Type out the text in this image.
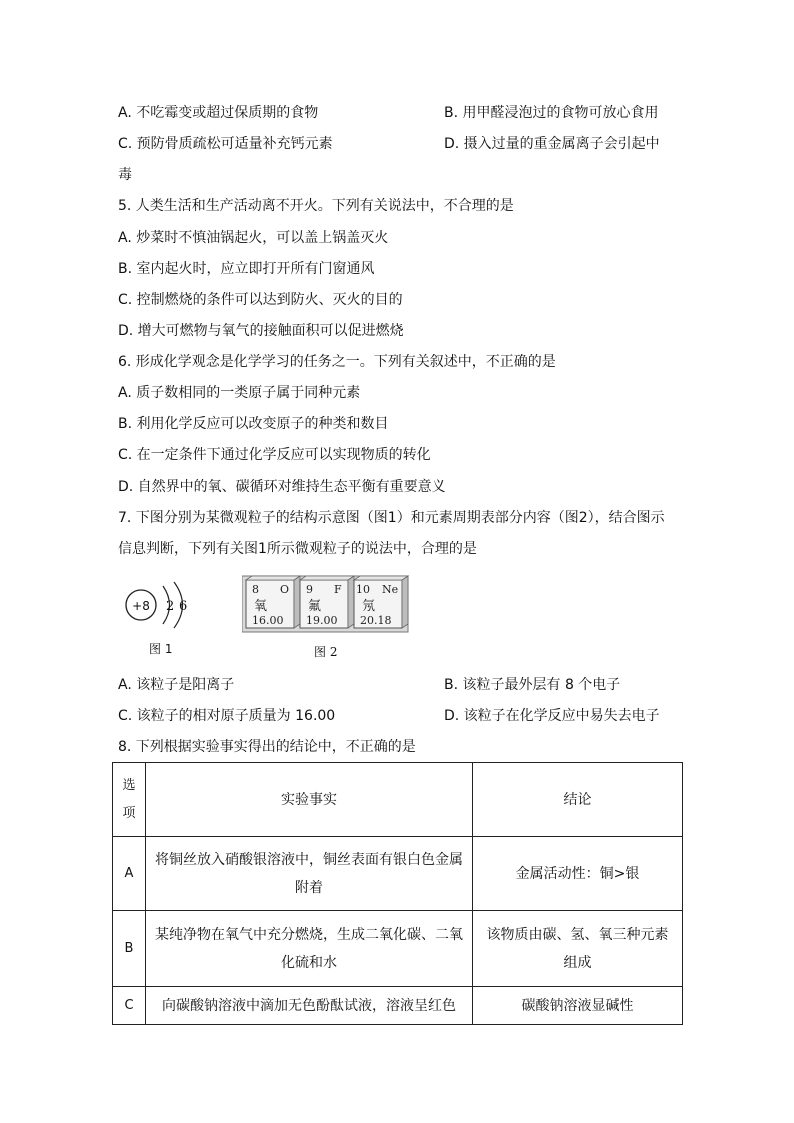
A. 不吃霉变或超过保质期的食物	B. 用甲醛浸泡过的食物可放心食用
C. 预防骨质疏松可适量补充钙元素	D. 摄入过量的重金属离子会引起中
毒
5. 人类生活和生产活动离不开火。下列有关说法中，不合理的是
A. 炒菜时不慎油锅起火，可以盖上锅盖灭火
B. 室内起火时，应立即打开所有门窗通风
C. 控制燃烧的条件可以达到防火、灭火的目的
D. 增大可燃物与氧气的接触面积可以促进燃烧
6. 形成化学观念是化学学习的任务之一。下列有关叙述中，不正确的是
A. 质子数相同的一类原子属于同种元素
B. 利用化学反应可以改变原子的种类和数目
C. 在一定条件下通过化学反应可以实现物质的转化
D. 自然界中的氧、碳循环对维持生态平衡有重要意义
7. 下图分别为某微观粒子的结构示意图（图1）和元素周期表部分内容（图2），结合图示
信息判断，下列有关图1所示微观粒子的说法中，合理的是
+8 2 6
图 1
8 O
氧
16.00
9 F
氟
19.00
10 Ne
氖
20.18
图 2
A. 该粒子是阳离子	B. 该粒子最外层有 8 个电子
C. 该粒子的相对原子质量为 16.00	D. 该粒子在化学反应中易失去电子
8. 下列根据实验事实得出的结论中，不正确的是
选
项	实验事实	结论
A	将铜丝放入硝酸银溶液中，铜丝表面有银白色金属附着	金属活动性：铜>银
B	某纯净物在氧气中充分燃烧，生成二氧化碳、二氧化硫和水	该物质由碳、氢、氧三种元素组成
C	向碳酸钠溶液中滴加无色酚酞试液，溶液呈红色	碳酸钠溶液显碱性
